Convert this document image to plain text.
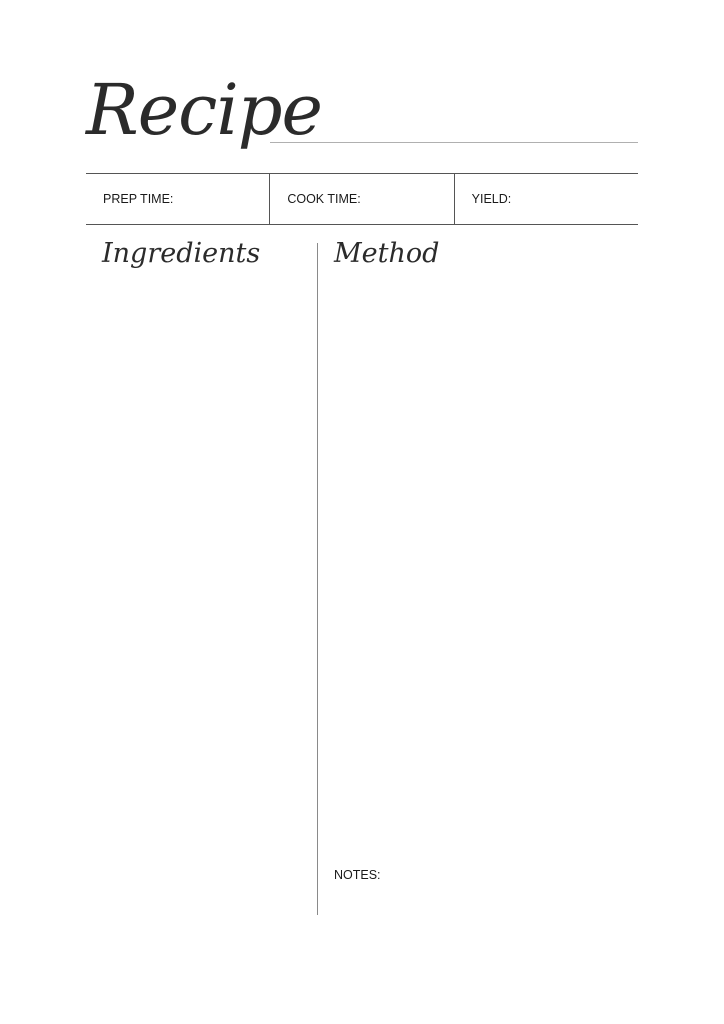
Recipe
PREP TIME:	COOK TIME:	YIELD:
Ingredients	Method
NOTES:
